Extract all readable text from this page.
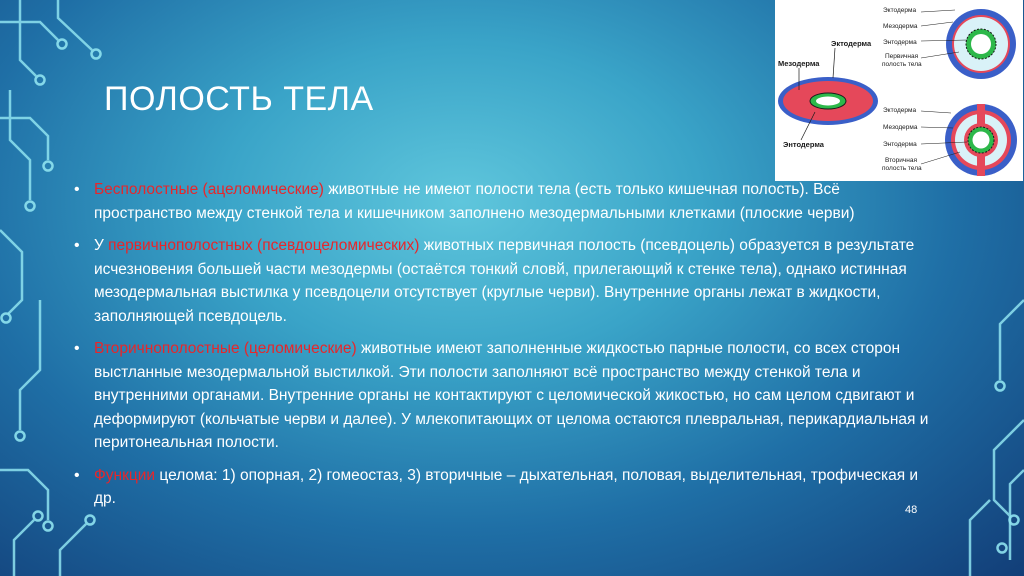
ПОЛОСТЬ ТЕЛА
Эктодерма
Мезодерма
Энтодерма
Эктодерма
Мезодерма
Энтодерма
Первичная
полость тела
Эктодерма
Мезодерма
Энтодерма
Вторичная
полость тела
• Бесполостные (ацеломические) животные не имеют полости тела (есть только кишечная полость). Всё пространство между стенкой тела и кишечником заполнено мезодермальными клетками (плоские черви)
• У первичнополостных (псевдоцеломических) животных первичная полость (псевдоцель) образуется в результате исчезновения большей части мезодермы (остаётся тонкий словй, прилегающий к стенке тела), однако истинная мезодермальная выстилка у псевдоцели отсутствует (круглые черви). Внутренние органы лежат в жидкости, заполняющей псевдоцель.
• Вторичнополостные (целомические) животные имеют заполненные жидкостью парные полости, со всех сторон выстланные мезодермальной выстилкой. Эти полости заполняют всё пространство между стенкой тела и внутренними органами. Внутренние органы не контактируют с целомической жикостью, но сам целом сдвигают и деформируют (кольчатые черви и далее). У млекопитающих от целома остаются плевральная, перикардиальная и перитонеальная полости.
• Функции целома: 1) опорная, 2) гомеостаз, 3) вторичные – дыхательная, половая, выделительная, трофическая и др.
48
